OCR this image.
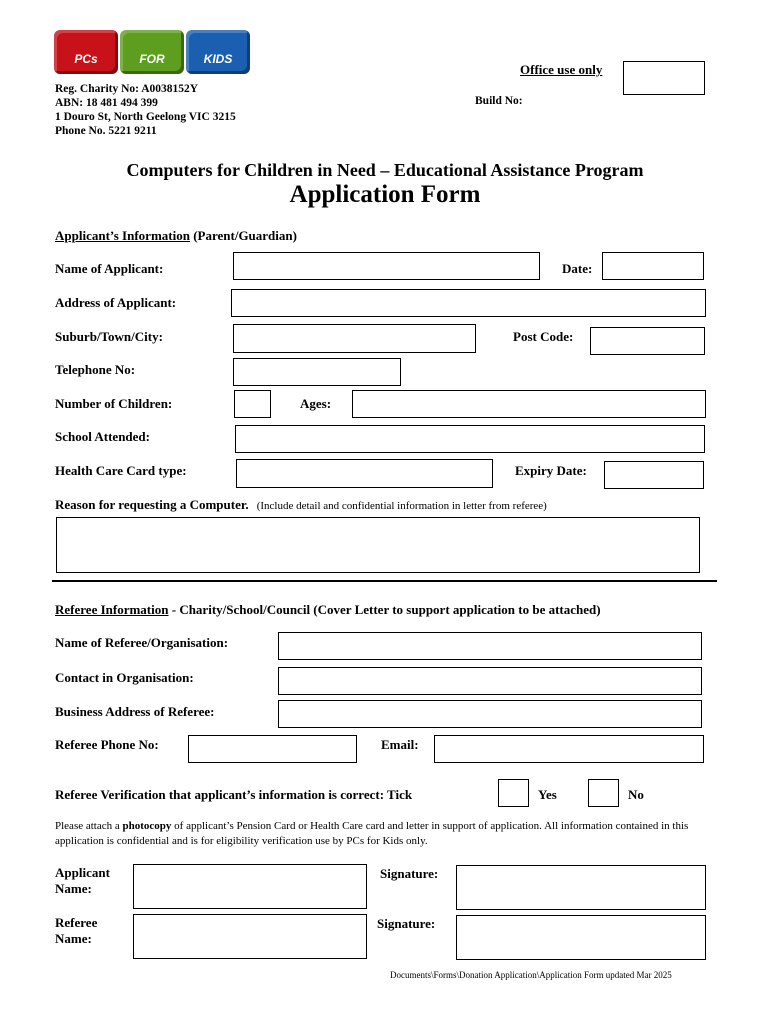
PCs	FOR	KIDS
Reg. Charity No: A0038152Y
ABN: 18 481 494 399
1 Douro St, North Geelong VIC 3215
Phone No. 5221 9211
Office use only
Build No:
Computers for Children in Need – Educational Assistance Program
Application Form
Applicant’s Information (Parent/Guardian)
Name of Applicant:	Date:
Address of Applicant:
Suburb/Town/City:	Post Code:
Telephone No:
Number of Children:	Ages:
School Attended:
Health Care Card type:	Expiry Date:
Reason for requesting a Computer. (Include detail and confidential information in letter from referee)
Referee Information - Charity/School/Council (Cover Letter to support application to be attached)
Name of Referee/Organisation:
Contact in Organisation:
Business Address of Referee:
Referee Phone No:	Email:
Referee Verification that applicant’s information is correct: Tick	Yes	No
Please attach a photocopy of applicant’s Pension Card or Health Care card and letter in support of application. All information contained in this application is confidential and is for eligibility verification use by PCs for Kids only.
Applicant Name:
Signature:
Referee Name:
Signature:
Documents\Forms\Donation Application\Application Form updated Mar 2025
